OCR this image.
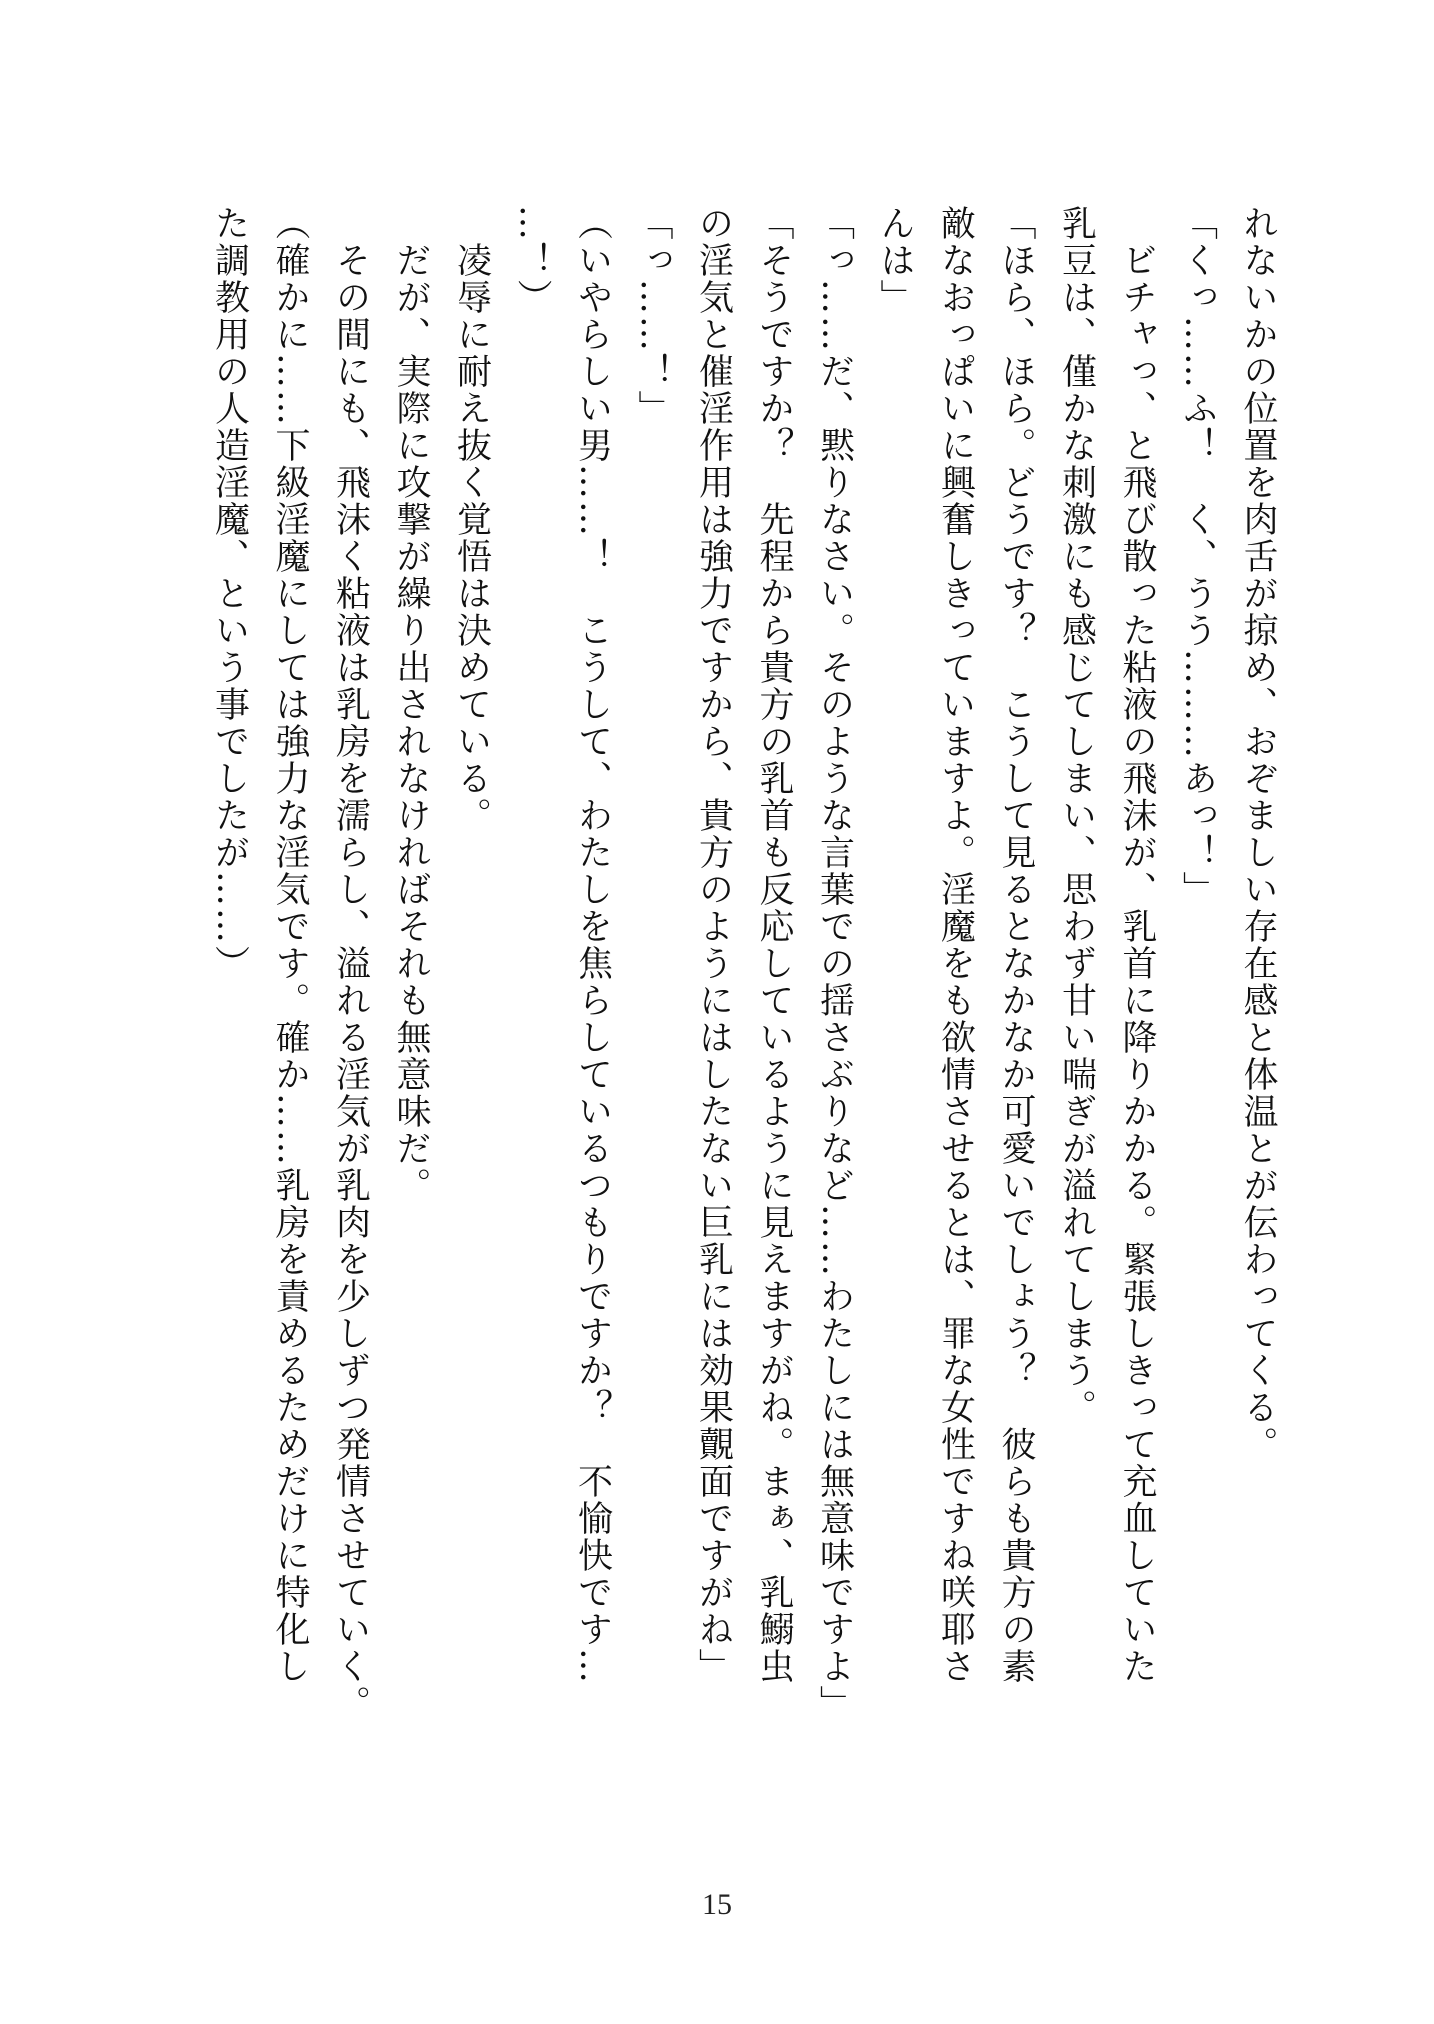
れないかの位置を肉舌が掠め、おぞましい存在感と体温とが伝わってくる。

「くっ……ふ！　く、うう………あっ！」

　ビチャっ、と飛び散った粘液の飛沫が、乳首に降りかかる。緊張しきって充血していた

乳豆は、僅かな刺激にも感じてしまい、思わず甘い喘ぎが溢れてしまう。

「ほら、ほら。どうです？　こうして見るとなかなか可愛いでしょう？　彼らも貴方の素

敵なおっぱいに興奮しきっていますよ。淫魔をも欲情させるとは、罪な女性ですね咲耶さ

んは」

「っ……だ、黙りなさい。そのような言葉での揺さぶりなど……わたしには無意味ですよ」

「そうですか？　先程から貴方の乳首も反応しているように見えますがね。まぁ、乳鰯虫

の淫気と催淫作用は強力ですから、貴方のようにはしたない巨乳には効果覿面ですがね」

「っ……！」

（いやらしい男……！　こうして、わたしを焦らしているつもりですか？　不愉快です…

…！）

　凌辱に耐え抜く覚悟は決めている。

　だが、実際に攻撃が繰り出されなければそれも無意味だ。

　その間にも、飛沫く粘液は乳房を濡らし、溢れる淫気が乳肉を少しずつ発情させていく。

（確かに……下級淫魔にしては強力な淫気です。確か……乳房を責めるためだけに特化し

た調教用の人造淫魔、という事でしたが……）

15
